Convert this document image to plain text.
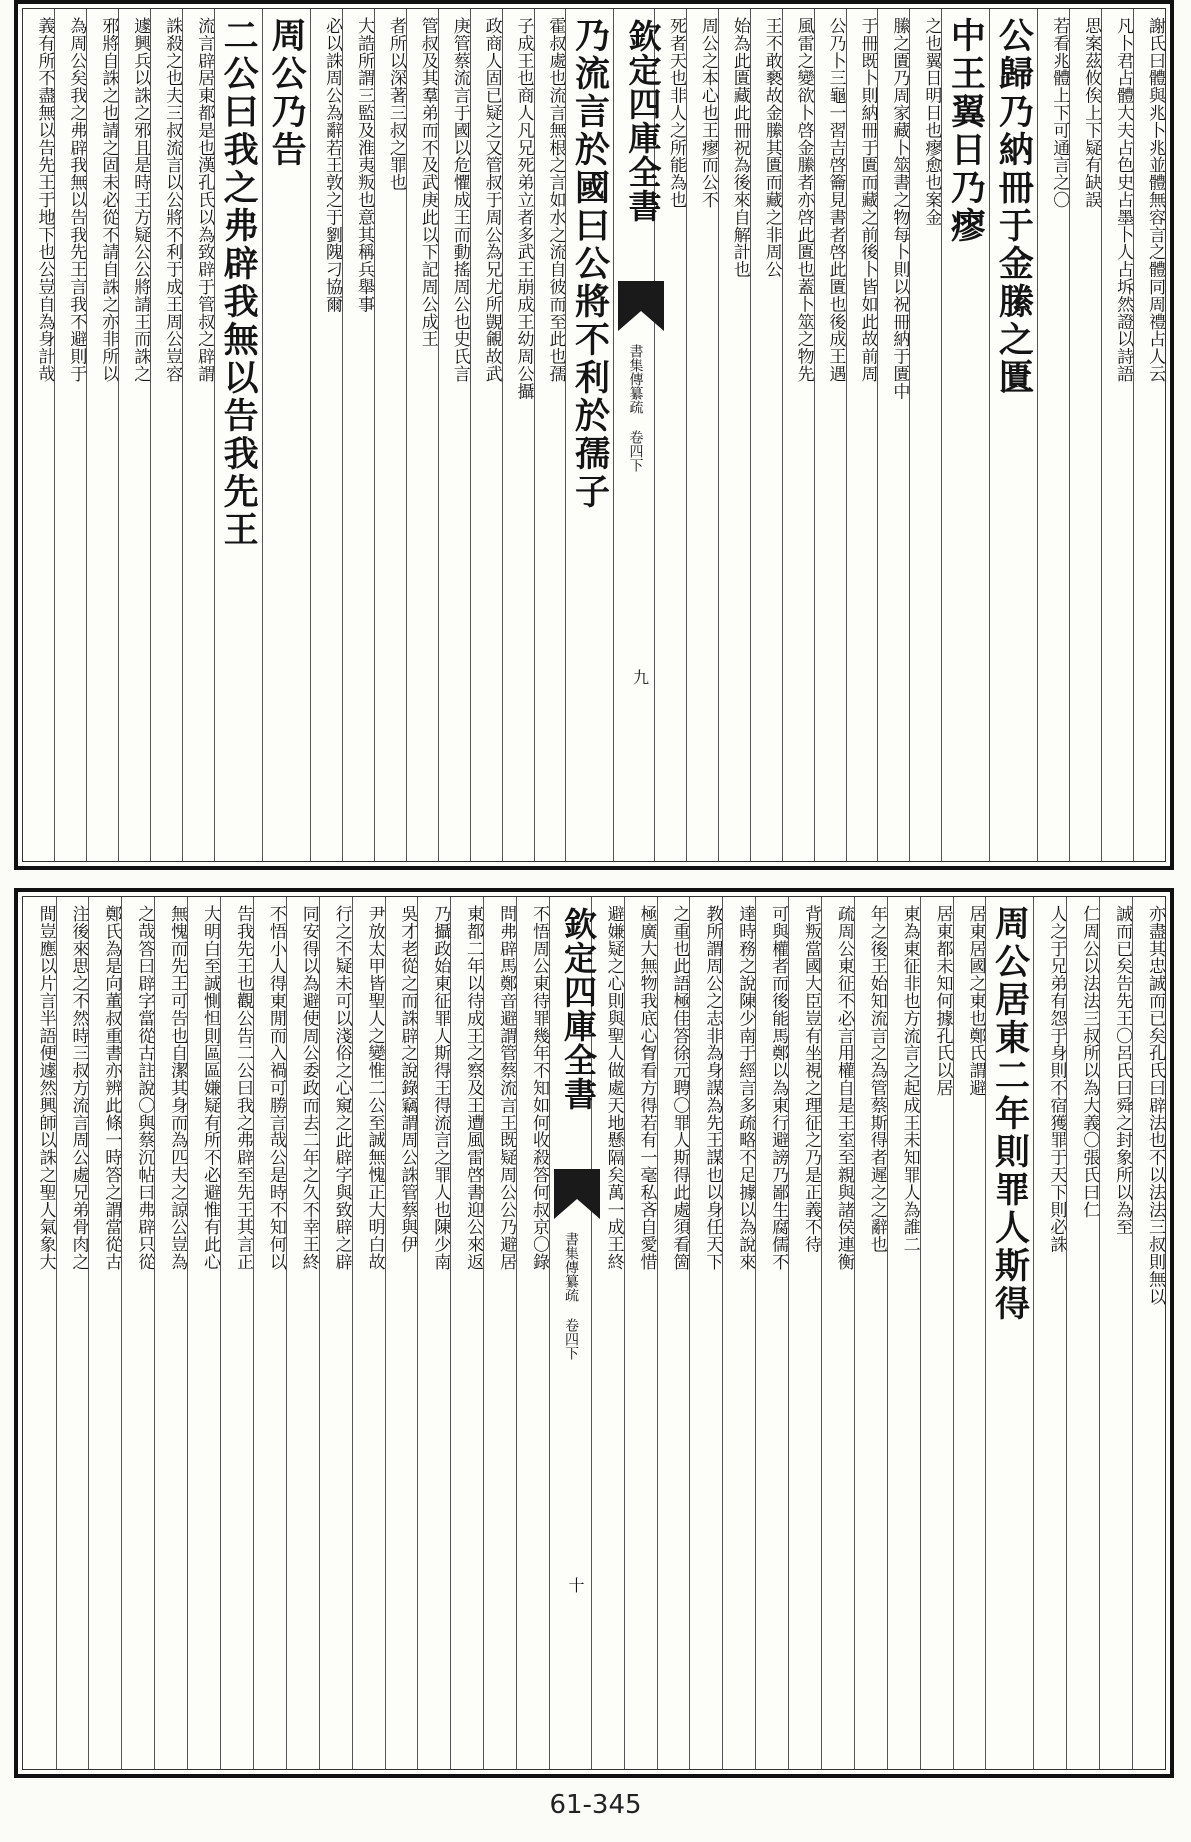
謝氏曰體與兆卜兆並體無容言之體同周禮占人云
凡卜君占體大夫占色史占墨卜人占坼然證以詩語
思案茲攸俟上下疑有缺誤
若看兆體上下可通言之〇
公歸乃納冊于金縢之匱
中王翼日乃瘳
之也翼日明日也瘳愈也案金
縢之匱乃周家藏卜筮書之物每卜則以祝冊納于匱中
于冊既卜則納冊于匱而藏之前後卜皆如此故前周
公乃卜三龜一習吉啓籥見書者啓此匱也後成王遇
風雷之變欲卜啓金縢者亦啓此匱也蓋卜筮之物先
王不敢褻故金縢其匱而藏之非周公
始為此匱藏此冊祝為後來自解計也
周公之本心也王瘳而公不
死者天也非人之所能為也
欽定四庫全書
書集傳纂疏 卷四下
九
乃流言於國曰公將不利於孺子
霍叔處也流言無根之言如水之流自彼而至此也孺
子成王也商人凡兄死弟立者多武王崩成王幼周公攝
政商人固已疑之又管叔于周公為兄尤所覬覦故武
庚管蔡流言于國以危懼成王而動搖周公也史氏言
管叔及其羣弟而不及武庚此以下記周公成王
者所以深著三叔之罪也
大誥所謂三監及淮夷叛也意其稱兵舉事
必以誅周公為辭若王敦之于劉隗刁協爾
周公乃告
二公曰我之弗辟我無以告我先王
流言辟居東都是也漢孔氏以為致辟于管叔之辟謂
誅殺之也夫三叔流言以公將不利于成王周公豈容
遽興兵以誅之邪且是時王方疑公公將請王而誅之
邪將自誅之也請之固未必從不請自誅之亦非所以
為周公矣我之弗辟我無以告我先王言我不避則于
義有所不盡無以告先王于地下也公豈自為身計哉
亦盡其忠誠而已矣孔氏曰辟法也不以法法三叔則無以
誠而已矣告先王〇呂氏曰舜之封象所以為至
仁周公以法法三叔所以為大義〇張氏曰仁
人之于兄弟有怨于身則不宿獲罪于天下則必誅
周公居東二年則罪人斯得
居東居國之東也鄭氏謂避
居東都未知何據孔氏以居
東為東征非也方流言之起成王未知罪人為誰二
年之後王始知流言之為管蔡斯得者遲之之辭也
疏周公東征不必言用權自是王室至親與諸侯連衡
背叛當國大臣豈有坐視之理征之乃是正義不待
可與權者而後能馬鄭以為東行避謗乃鄙生腐儒不
達時務之說陳少南于經言多疏略不足據以為說來
教所謂周公之志非為身謀為先王謀也以身任天下
之重也此語極佳答徐元聘〇罪人斯得此處須看箇
極廣大無物我底心胷看方得若有一毫私吝自愛惜
避嫌疑之心則與聖人做處天地懸隔矣萬一成王終
欽定四庫全書
書集傳纂疏 卷四下
十
不悟周公東待罪幾年不知如何收殺答何叔京〇錄
問弗辟馬鄭音避謂管蔡流言王既疑周公公乃避居
東都二年以待成王之察及王遭風雷啓書迎公來返
乃攝政始東征罪人斯得王得流言之罪人也陳少南
吳才老從之而誅辟之說錄竊謂周公誅管蔡與伊
尹放太甲皆聖人之變惟二公至誠無愧正大明白故
行之不疑未可以淺俗之心窺之此辟字與致辟之辟
同安得以為避使周公委政而去二年之久不幸王終
不悟小人得東閒而入禍可勝言哉公是時不知何以
告我先王也觀公告二公曰我之弗辟至先王其言正
大明白至誠惻怛則區區嫌疑有所不必避惟有此心
無愧而先王可告也自潔其身而為匹夫之諒公豈為
之哉答曰辟字當從古註說〇與蔡沉帖曰弗辟只從
鄭氏為是向董叔重書亦辨此條一時答之謂當從古
注後來思之不然時三叔方流言周公處兄弟骨肉之
間豈應以片言半語便遽然興師以誅之聖人氣象大
61-345
